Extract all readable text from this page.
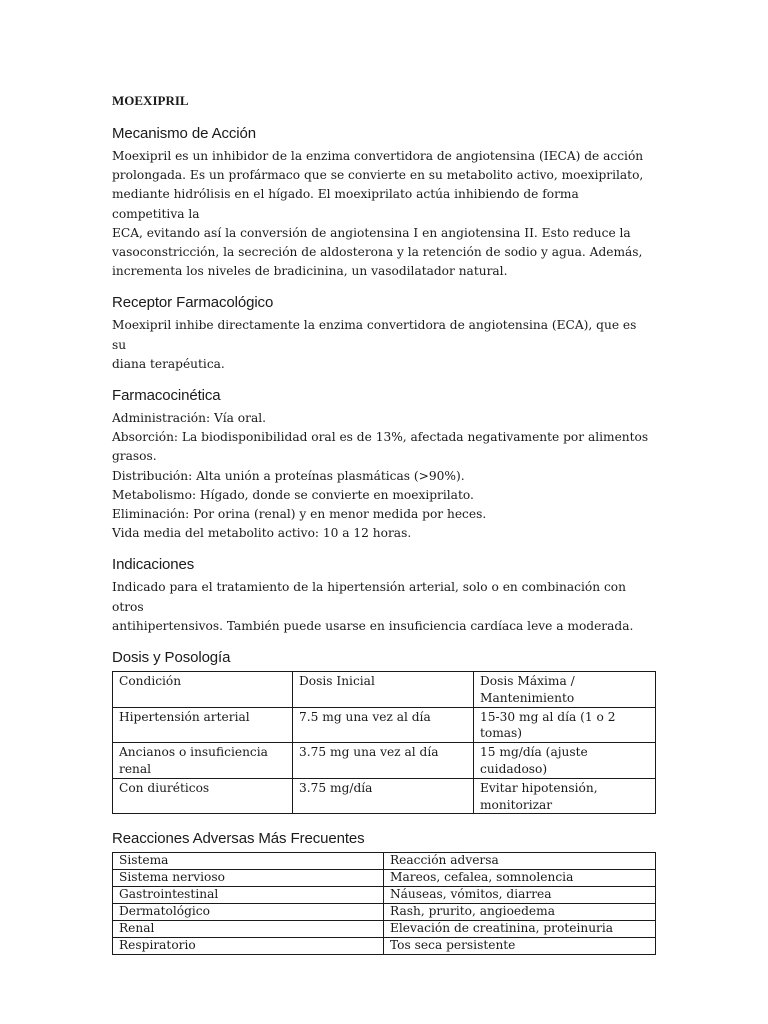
MOEXIPRIL
Mecanismo de Acción

Moexipril es un inhibidor de la enzima convertidora de angiotensina (IECA) de acción
prolongada. Es un profármaco que se convierte en su metabolito activo, moexiprilato,
mediante hidrólisis en el hígado. El moexiprilato actúa inhibiendo de forma competitiva la
ECA, evitando así la conversión de angiotensina I en angiotensina II. Esto reduce la
vasoconstricción, la secreción de aldosterona y la retención de sodio y agua. Además,
incrementa los niveles de bradicinina, un vasodilatador natural.

Receptor Farmacológico

Moexipril inhibe directamente la enzima convertidora de angiotensina (ECA), que es su
diana terapéutica.

Farmacocinética
Administración: Vía oral.
Absorción: La biodisponibilidad oral es de 13%, afectada negativamente por alimentos
grasos.
Distribución: Alta unión a proteínas plasmáticas (>90%).
Metabolismo: Hígado, donde se convierte en moexiprilato.
Eliminación: Por orina (renal) y en menor medida por heces.
Vida media del metabolito activo: 10 a 12 horas.
Indicaciones

Indicado para el tratamiento de la hipertensión arterial, solo o en combinación con otros
antihipertensivos. También puede usarse en insuficiencia cardíaca leve a moderada.

Dosis y Posología
Condición	Dosis Inicial	Dosis Máxima / Mantenimiento
Hipertensión arterial	7.5 mg una vez al día	15-30 mg al día (1 o 2 tomas)
Ancianos o insuficiencia renal	3.75 mg una vez al día	15 mg/día (ajuste cuidadoso)
Con diuréticos	3.75 mg/día	Evitar hipotensión, monitorizar
Reacciones Adversas Más Frecuentes
Sistema	Reacción adversa
Sistema nervioso	Mareos, cefalea, somnolencia
Gastrointestinal	Náuseas, vómitos, diarrea
Dermatológico	Rash, prurito, angioedema
Renal	Elevación de creatinina, proteinuria
Respiratorio	Tos seca persistente
